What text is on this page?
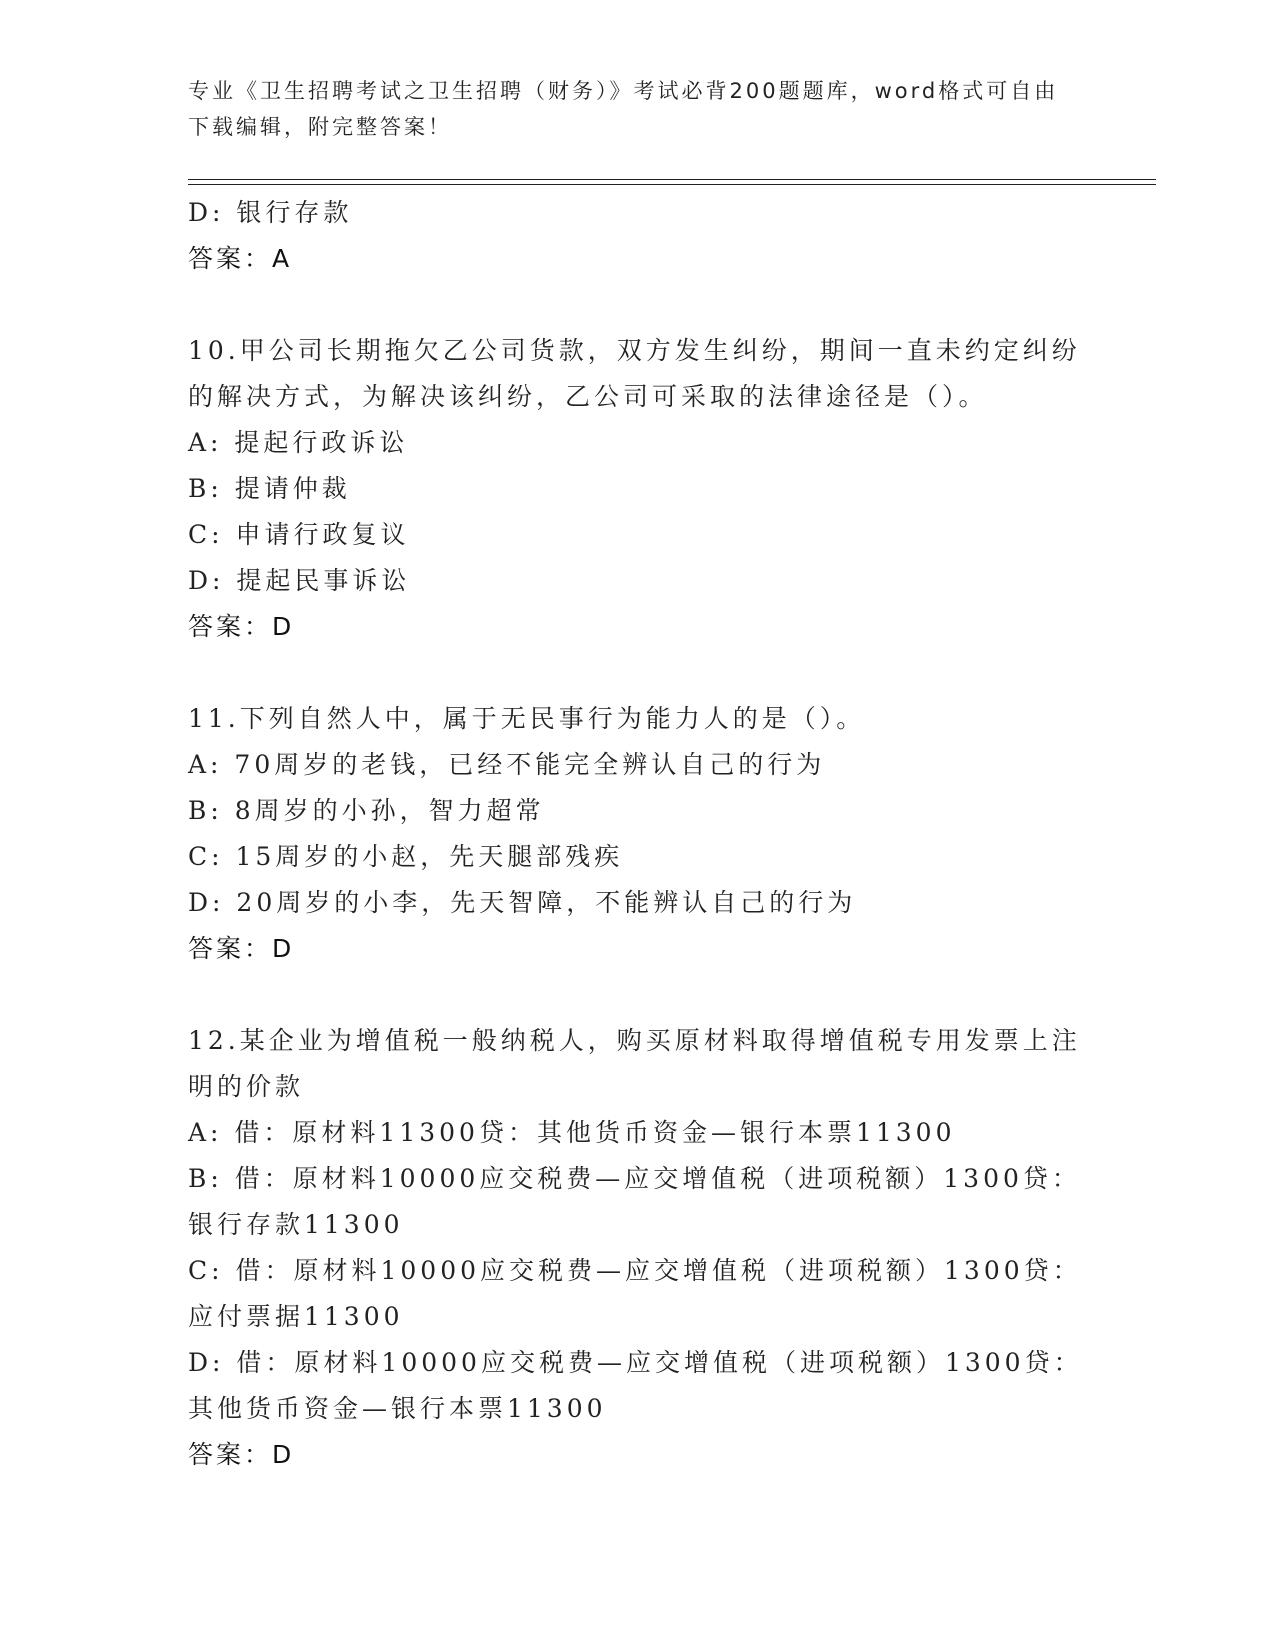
专业《卫生招聘考试之卫生招聘（财务）》考试必背200题题库，word格式可自由下载编辑，附完整答案！
D: 银行存款
答案：A
10.甲公司长期拖欠乙公司货款，双方发生纠纷，期间一直未约定纠纷的解决方式，为解决该纠纷，乙公司可采取的法律途径是（）。
A: 提起行政诉讼
B: 提请仲裁
C: 申请行政复议
D: 提起民事诉讼
答案：D
11.下列自然人中，属于无民事行为能力人的是（）。
A: 70周岁的老钱，已经不能完全辨认自己的行为
B: 8周岁的小孙，智力超常
C: 15周岁的小赵，先天腿部残疾
D: 20周岁的小李，先天智障，不能辨认自己的行为
答案：D
12.某企业为增值税一般纳税人，购买原材料取得增值税专用发票上注明的价款
A: 借：原材料11300贷：其他货币资金—银行本票11300
B: 借：原材料10000应交税费—应交增值税（进项税额）1300贷：银行存款11300
C: 借：原材料10000应交税费—应交增值税（进项税额）1300贷：应付票据11300
D: 借：原材料10000应交税费—应交增值税（进项税额）1300贷：其他货币资金—银行本票11300
答案：D
